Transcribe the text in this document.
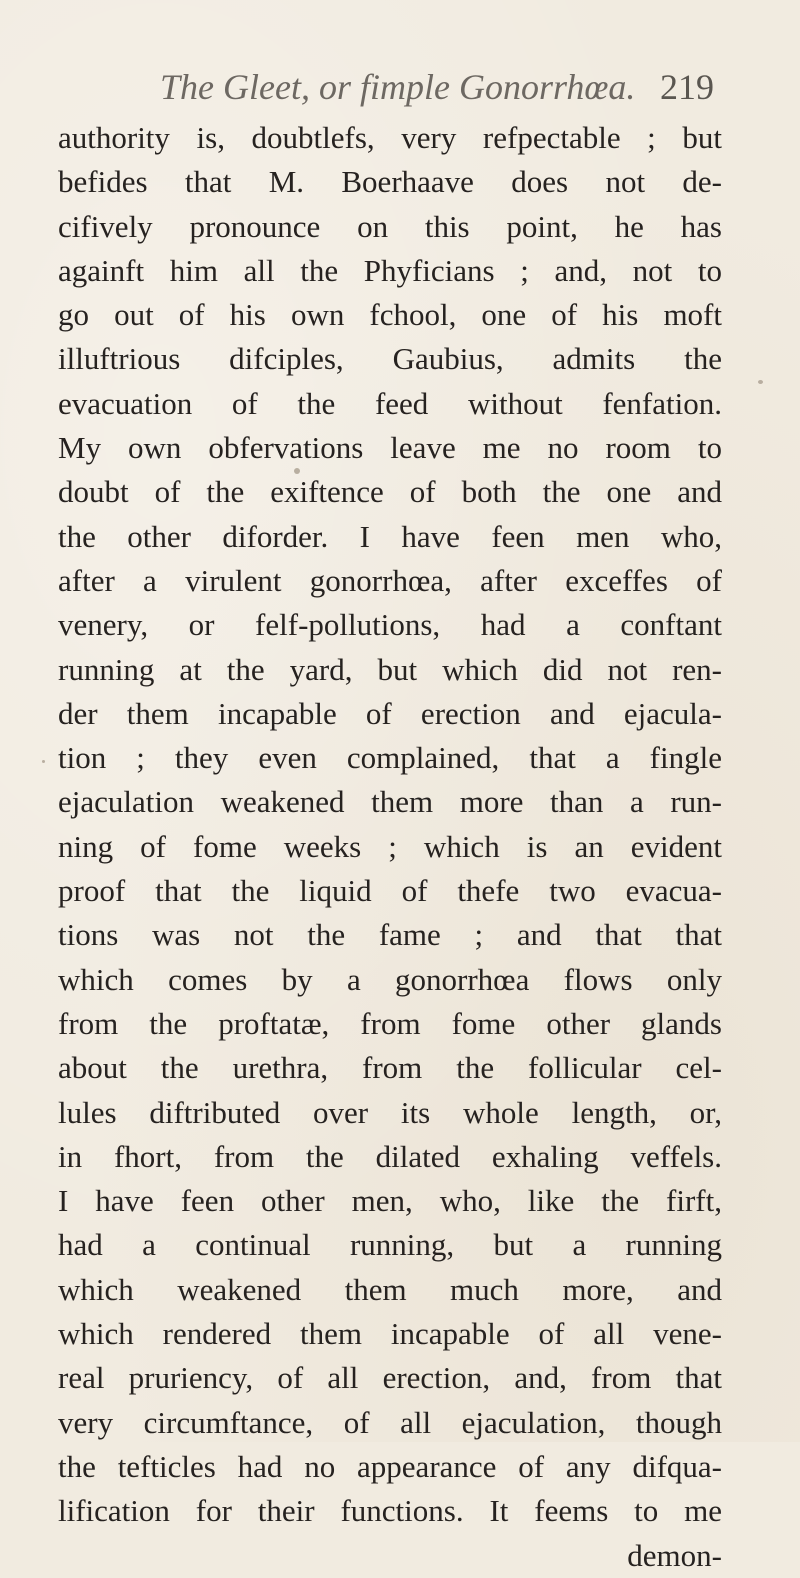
The Gleet, or fimple Gonorrhœa. 219
authority is, doubtlefs, very refpectable ; but
befides that M. Boerhaave does not de-
cifively pronounce on this point, he has
againft him all the Phyficians ; and, not to
go out of his own fchool, one of his moft
illuftrious difciples, Gaubius, admits the
evacuation of the feed without fenfation.
My own obfervations leave me no room to
doubt of the exiftence of both the one and
the other diforder. I have feen men who,
after a virulent gonorrhœa, after exceffes of
venery, or felf-pollutions, had a conftant
running at the yard, but which did not ren-
der them incapable of erection and ejacula-
tion ; they even complained, that a fingle
ejaculation weakened them more than a run-
ning of fome weeks ; which is an evident
proof that the liquid of thefe two evacua-
tions was not the fame ; and that that
which comes by a gonorrhœa flows only
from the proftatæ, from fome other glands
about the urethra, from the follicular cel-
lules diftributed over its whole length, or,
in fhort, from the dilated exhaling veffels.
I have feen other men, who, like the firft,
had a continual running, but a running
which weakened them much more, and
which rendered them incapable of all vene-
real pruriency, of all erection, and, from that
very circumftance, of all ejaculation, though
the tefticles had no appearance of any difqua-
lification for their functions. It feems to me
demon-
